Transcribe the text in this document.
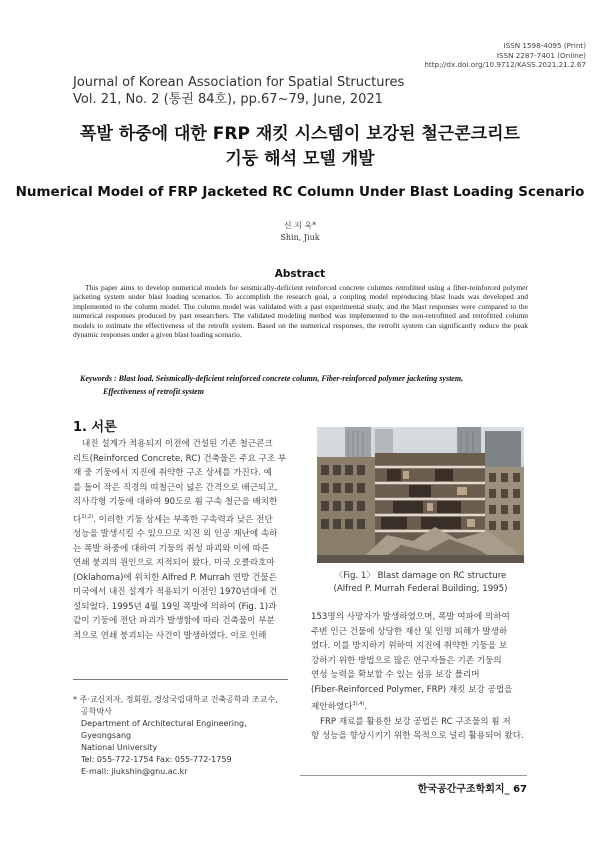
ISSN 1598-4095 (Print)
ISSN 2287-7401 (Online)
http://dx.doi.org/10.9712/KASS.2021.21.2.67
Journal of Korean Association for Spatial Structures
Vol. 21, No. 2 (통권 84호), pp.67~79, June, 2021
폭발 하중에 대한 FRP 재킷 시스템이 보강된 철근콘크리트
기둥 해석 모델 개발
Numerical Model of FRP Jacketed RC Column Under Blast Loading Scenario
신 지 욱*
Shin, Jiuk
Abstract
This paper aims to develop numerical models for seismically-deficient reinforced concrete columns retrofitted using a fiber-reinforced polymer jacketing system under blast loading scenarios. To accomplish the research goal, a coupling model reproducing blast loads was developed and implemented to the column model. The column model was validated with a past experimental study, and the blast responses were compared to the numerical responses produced by past researchers. The validated modeling method was implemented to the non-retrofitted and retrofitted column models to estimate the effectiveness of the retrofit system. Based on the numerical responses, the retrofit system can significantly reduce the peak dynamic responses under a given blast loading scenario.
Keywords : Blast load, Seismically-deficient reinforced concrete column, Fiber-reinforced polymer jacketing system,
Effectiveness of retrofit system
1. 서론

내진 설계가 적용되지 이전에 건설된 기존 철근콘크

리트(Reinforced Concrete, RC) 건축물은 주요 구조 부

재 중 기둥에서 지진에 취약한 구조 상세를 가진다. 예

를 들어 작은 직경의 띠철근이 넓은 간격으로 배근되고,

직사각형 기둥에 대하여 90도로 휨 구속 철근을 배치한

다$^{1),2)}$. 이러한 기둥 상세는 부족한 구속력과 낮은 전단

성능을 발생시킬 수 있으므로 지진 외 인공 재난에 속하

는 폭발 하중에 대하여 기둥의 취성 파괴와 이에 따른

연쇄 붕괴의 원인으로 지적되어 왔다. 미국 오클라호마

(Oklahoma)에 위치한 Alfred P. Murrah 연방 건물은

미국에서 내진 설계가 적용되기 이전인 1970년대에 건

설되었다. 1995년 4월 19일 폭발에 의하여 (Fig. 1)과

같이 기둥에 전단 파괴가 발생함에 따라 건축물이 부분

적으로 연쇄 붕괴되는 사건이 발생하였다. 이로 인해

* 주·교신저자, 정회원, 경상국립대학교 건축공학과 조교수,
공학박사
Department of Architectural Engineering, Gyeongsang
National University
Tel: 055-772-1754 Fax: 055-772-1759
E-mail: jiukshin@gnu.ac.kr
〈Fig. 1〉 Blast damage on RC structure
(Alfred P. Murrah Federal Building, 1995)

153명의 사망자가 발생하였으며, 폭발 여파에 의하여

주변 인근 건물에 상당한 재산 및 인명 피해가 발생하

였다. 이를 방지하기 위하여 지진에 취약한 기둥을 보

강하기 위한 방법으로 많은 연구자들은 기존 기둥의

연성 능력을 확보할 수 있는 섬유 보강 폴리머

(Fiber-Reinforced Polymer, FRP) 재킷 보강 공법을

제안하였다$^{3),4)}$.

FRP 재료를 활용한 보강 공법은 RC 구조물의 휨 저

항 성능을 향상시키기 위한 목적으로 널리 활용되어 왔다.

한국공간구조학회지_ 67
